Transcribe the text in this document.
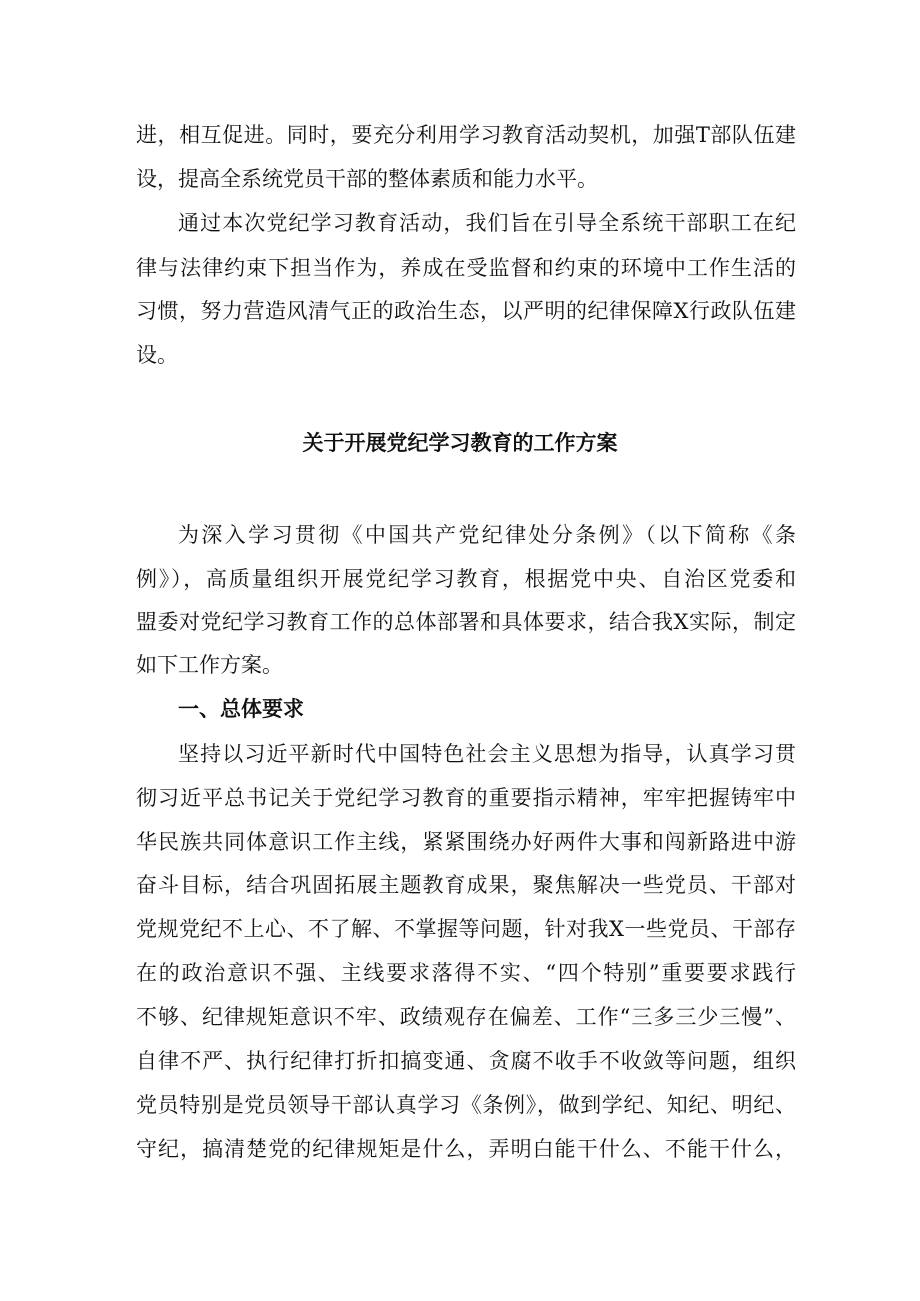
进，相互促进。同时，要充分利用学习教育活动契机，加强T部队伍建
设，提高全系统党员干部的整体素质和能力水平。
通过本次党纪学习教育活动，我们旨在引导全系统干部职工在纪
律与法律约束下担当作为，养成在受监督和约束的环境中工作生活的
习惯，努力营造风清气正的政治生态，以严明的纪律保障X行政队伍建
设。
关于开展党纪学习教育的工作方案
为深入学习贯彻《中国共产党纪律处分条例》（以下简称《条
例》），高质量组织开展党纪学习教育，根据党中央、自治区党委和
盟委对党纪学习教育工作的总体部署和具体要求，结合我X实际，制定
如下工作方案。
一、总体要求
坚持以习近平新时代中国特色社会主义思想为指导，认真学习贯
彻习近平总书记关于党纪学习教育的重要指示精神，牢牢把握铸牢中
华民族共同体意识工作主线，紧紧围绕办好两件大事和闯新路进中游
奋斗目标，结合巩固拓展主题教育成果，聚焦解决一些党员、干部对
党规党纪不上心、不了解、不掌握等问题，针对我X一些党员、干部存
在的政治意识不强、主线要求落得不实、“四个特别”重要要求践行
不够、纪律规矩意识不牢、政绩观存在偏差、工作“三多三少三慢”、
自律不严、执行纪律打折扣搞变通、贪腐不收手不收敛等问题，组织
党员特别是党员领导干部认真学习《条例》，做到学纪、知纪、明纪、
守纪，搞清楚党的纪律规矩是什么，弄明白能干什么、不能干什么，
